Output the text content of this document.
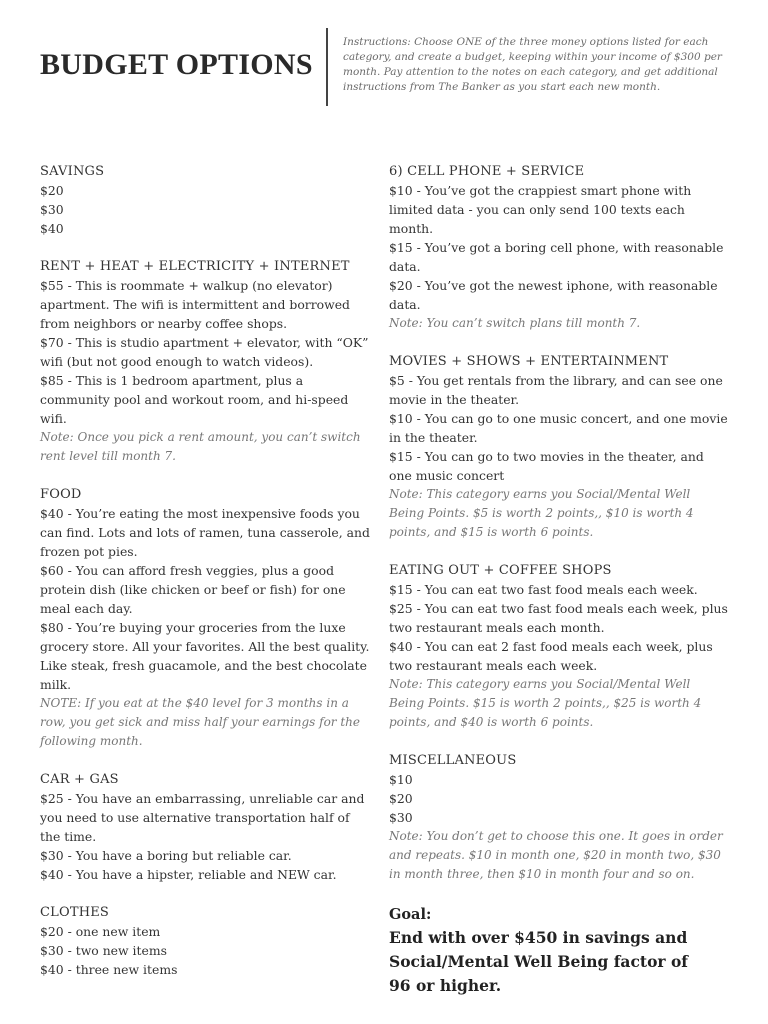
BUDGET OPTIONS

Instructions: Choose ONE of the three money options listed for each category, and create a budget, keeping within your income of $300 per month. Pay attention to the notes on each category, and get additional instructions from The Banker as you start each new month.

SAVINGS

$20

$30

$40

RENT + HEAT + ELECTRICITY + INTERNET

$55 - This is roommate + walkup (no elevator) apartment. The wifi is intermittent and borrowed from neighbors or nearby coffee shops.

$70 - This is studio apartment + elevator, with “OK” wifi (but not good enough to watch videos).

$85 - This is 1 bedroom apartment, plus a community pool and workout room, and hi-speed wifi.

Note: Once you pick a rent amount, you can’t switch rent level till month 7.

FOOD

$40 - You’re eating the most inexpensive foods you can find. Lots and lots of ramen, tuna casserole, and frozen pot pies.

$60 - You can afford fresh veggies, plus a good protein dish (like chicken or beef or fish) for one meal each day.

$80 - You’re buying your groceries from the luxe grocery store. All your favorites. All the best quality. Like steak, fresh guacamole, and the best chocolate milk.

NOTE: If you eat at the $40 level for 3 months in a row, you get sick and miss half your earnings for the following month.

CAR + GAS

$25 - You have an embarrassing, unreliable car and you need to use alternative transportation half of the time.

$30 - You have a boring but reliable car.

$40 - You have a hipster, reliable and NEW car.

CLOTHES

$20 - one new item

$30 - two new items

$40 - three new items

6) CELL PHONE + SERVICE

$10 - You’ve got the crappiest smart phone with limited data - you can only send 100 texts each month.

$15 - You’ve got a boring cell phone, with reasonable data.

$20 - You’ve got the newest iphone, with reasonable data.

Note: You can’t switch plans till month 7.

MOVIES + SHOWS + ENTERTAINMENT

$5 - You get rentals from the library, and can see one movie in the theater.

$10 - You can go to one music concert, and one movie in the theater.

$15 - You can go to two movies in the theater, and one music concert

Note: This category earns you Social/Mental Well Being Points. $5 is worth 2 points,, $10 is worth 4 points, and $15 is worth 6 points.

EATING OUT + COFFEE SHOPS

$15 - You can eat two fast food meals each week.

$25 - You can eat two fast food meals each week, plus two restaurant meals each month.

$40 - You can eat 2 fast food meals each week, plus two restaurant meals each week.

Note: This category earns you Social/Mental Well Being Points. $15 is worth 2 points,, $25 is worth 4 points, and $40 is worth 6 points.

MISCELLANEOUS

$10

$20

$30

Note: You don’t get to choose this one. It goes in order and repeats. $10 in month one, $20 in month two, $30 in month three, then $10 in month four and so on.

Goal:

End with over $450 in savings and Social/Mental Well Being factor of 96 or higher.
